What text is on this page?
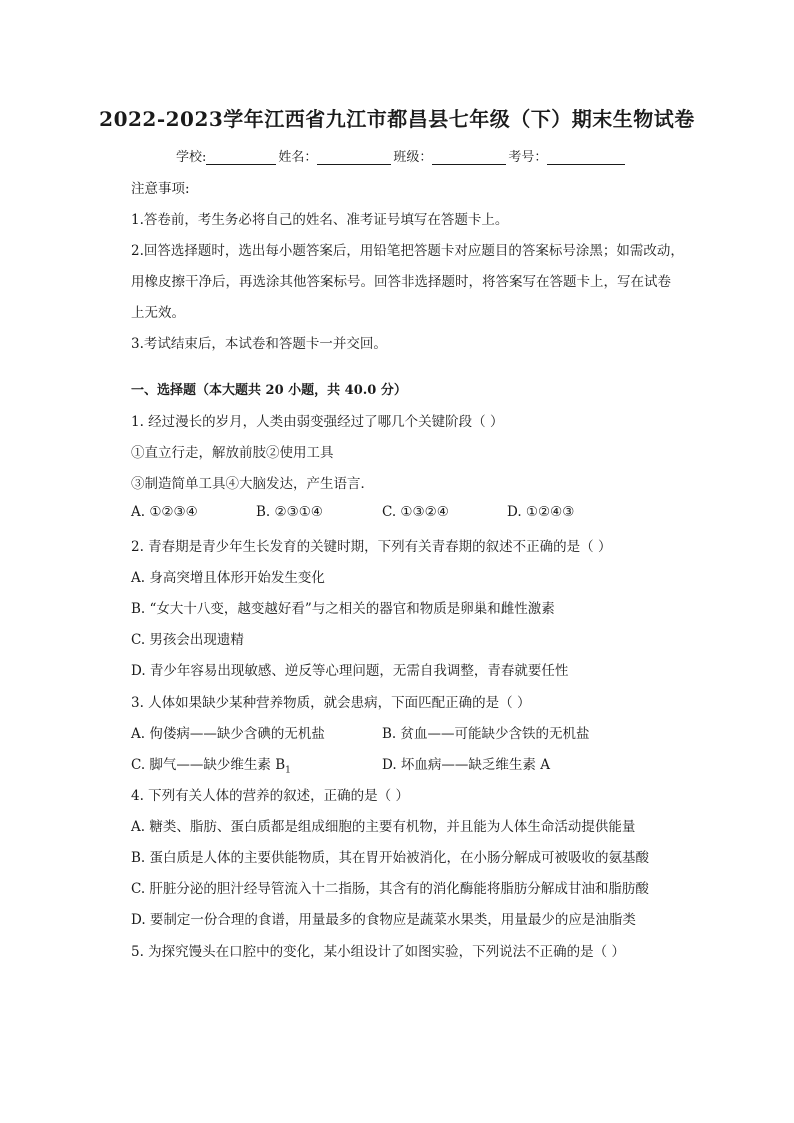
2022-2023学年江西省九江市都昌县七年级（下）期末生物试卷
学校:	姓名：	班级：	考号：
注意事项:
1.答卷前，考生务必将自己的姓名、准考证号填写在答题卡上。
2.回答选择题时，选出每小题答案后，用铅笔把答题卡对应题目的答案标号涂黑；如需改动，
用橡皮擦干净后，再选涂其他答案标号。回答非选择题时，将答案写在答题卡上，写在试卷
上无效。
3.考试结束后，本试卷和答题卡一并交回。
一、选择题（本大题共 20 小题，共 40.0 分）
1. 经过漫长的岁月，人类由弱变强经过了哪几个关键阶段（ ）
①直立行走，解放前肢②使用工具
③制造简单工具④大脑发达，产生语言．
A. ①②③④	B. ②③①④	C. ①③②④	D. ①②④③
2. 青春期是青少年生长发育的关键时期，下列有关青春期的叙述不正确的是（ ）
A. 身高突增且体形开始发生变化
B. “女大十八变，越变越好看”与之相关的器官和物质是卵巢和雌性激素
C. 男孩会出现遗精
D. 青少年容易出现敏感、逆反等心理问题，无需自我调整，青春就要任性
3. 人体如果缺少某种营养物质，就会患病，下面匹配正确的是（ ）
A. 佝偻病——缺少含碘的无机盐	B. 贫血——可能缺少含铁的无机盐
C. 脚气——缺少维生素 $B_1$	D. 坏血病——缺乏维生素 A
4. 下列有关人体的营养的叙述，正确的是（ ）
A. 糖类、脂肪、蛋白质都是组成细胞的主要有机物，并且能为人体生命活动提供能量
B. 蛋白质是人体的主要供能物质，其在胃开始被消化，在小肠分解成可被吸收的氨基酸
C. 肝脏分泌的胆汁经导管流入十二指肠，其含有的消化酶能将脂肪分解成甘油和脂肪酸
D. 要制定一份合理的食谱，用量最多的食物应是蔬菜水果类，用量最少的应是油脂类
5. 为探究馒头在口腔中的变化，某小组设计了如图实验，下列说法不正确的是（ ）
